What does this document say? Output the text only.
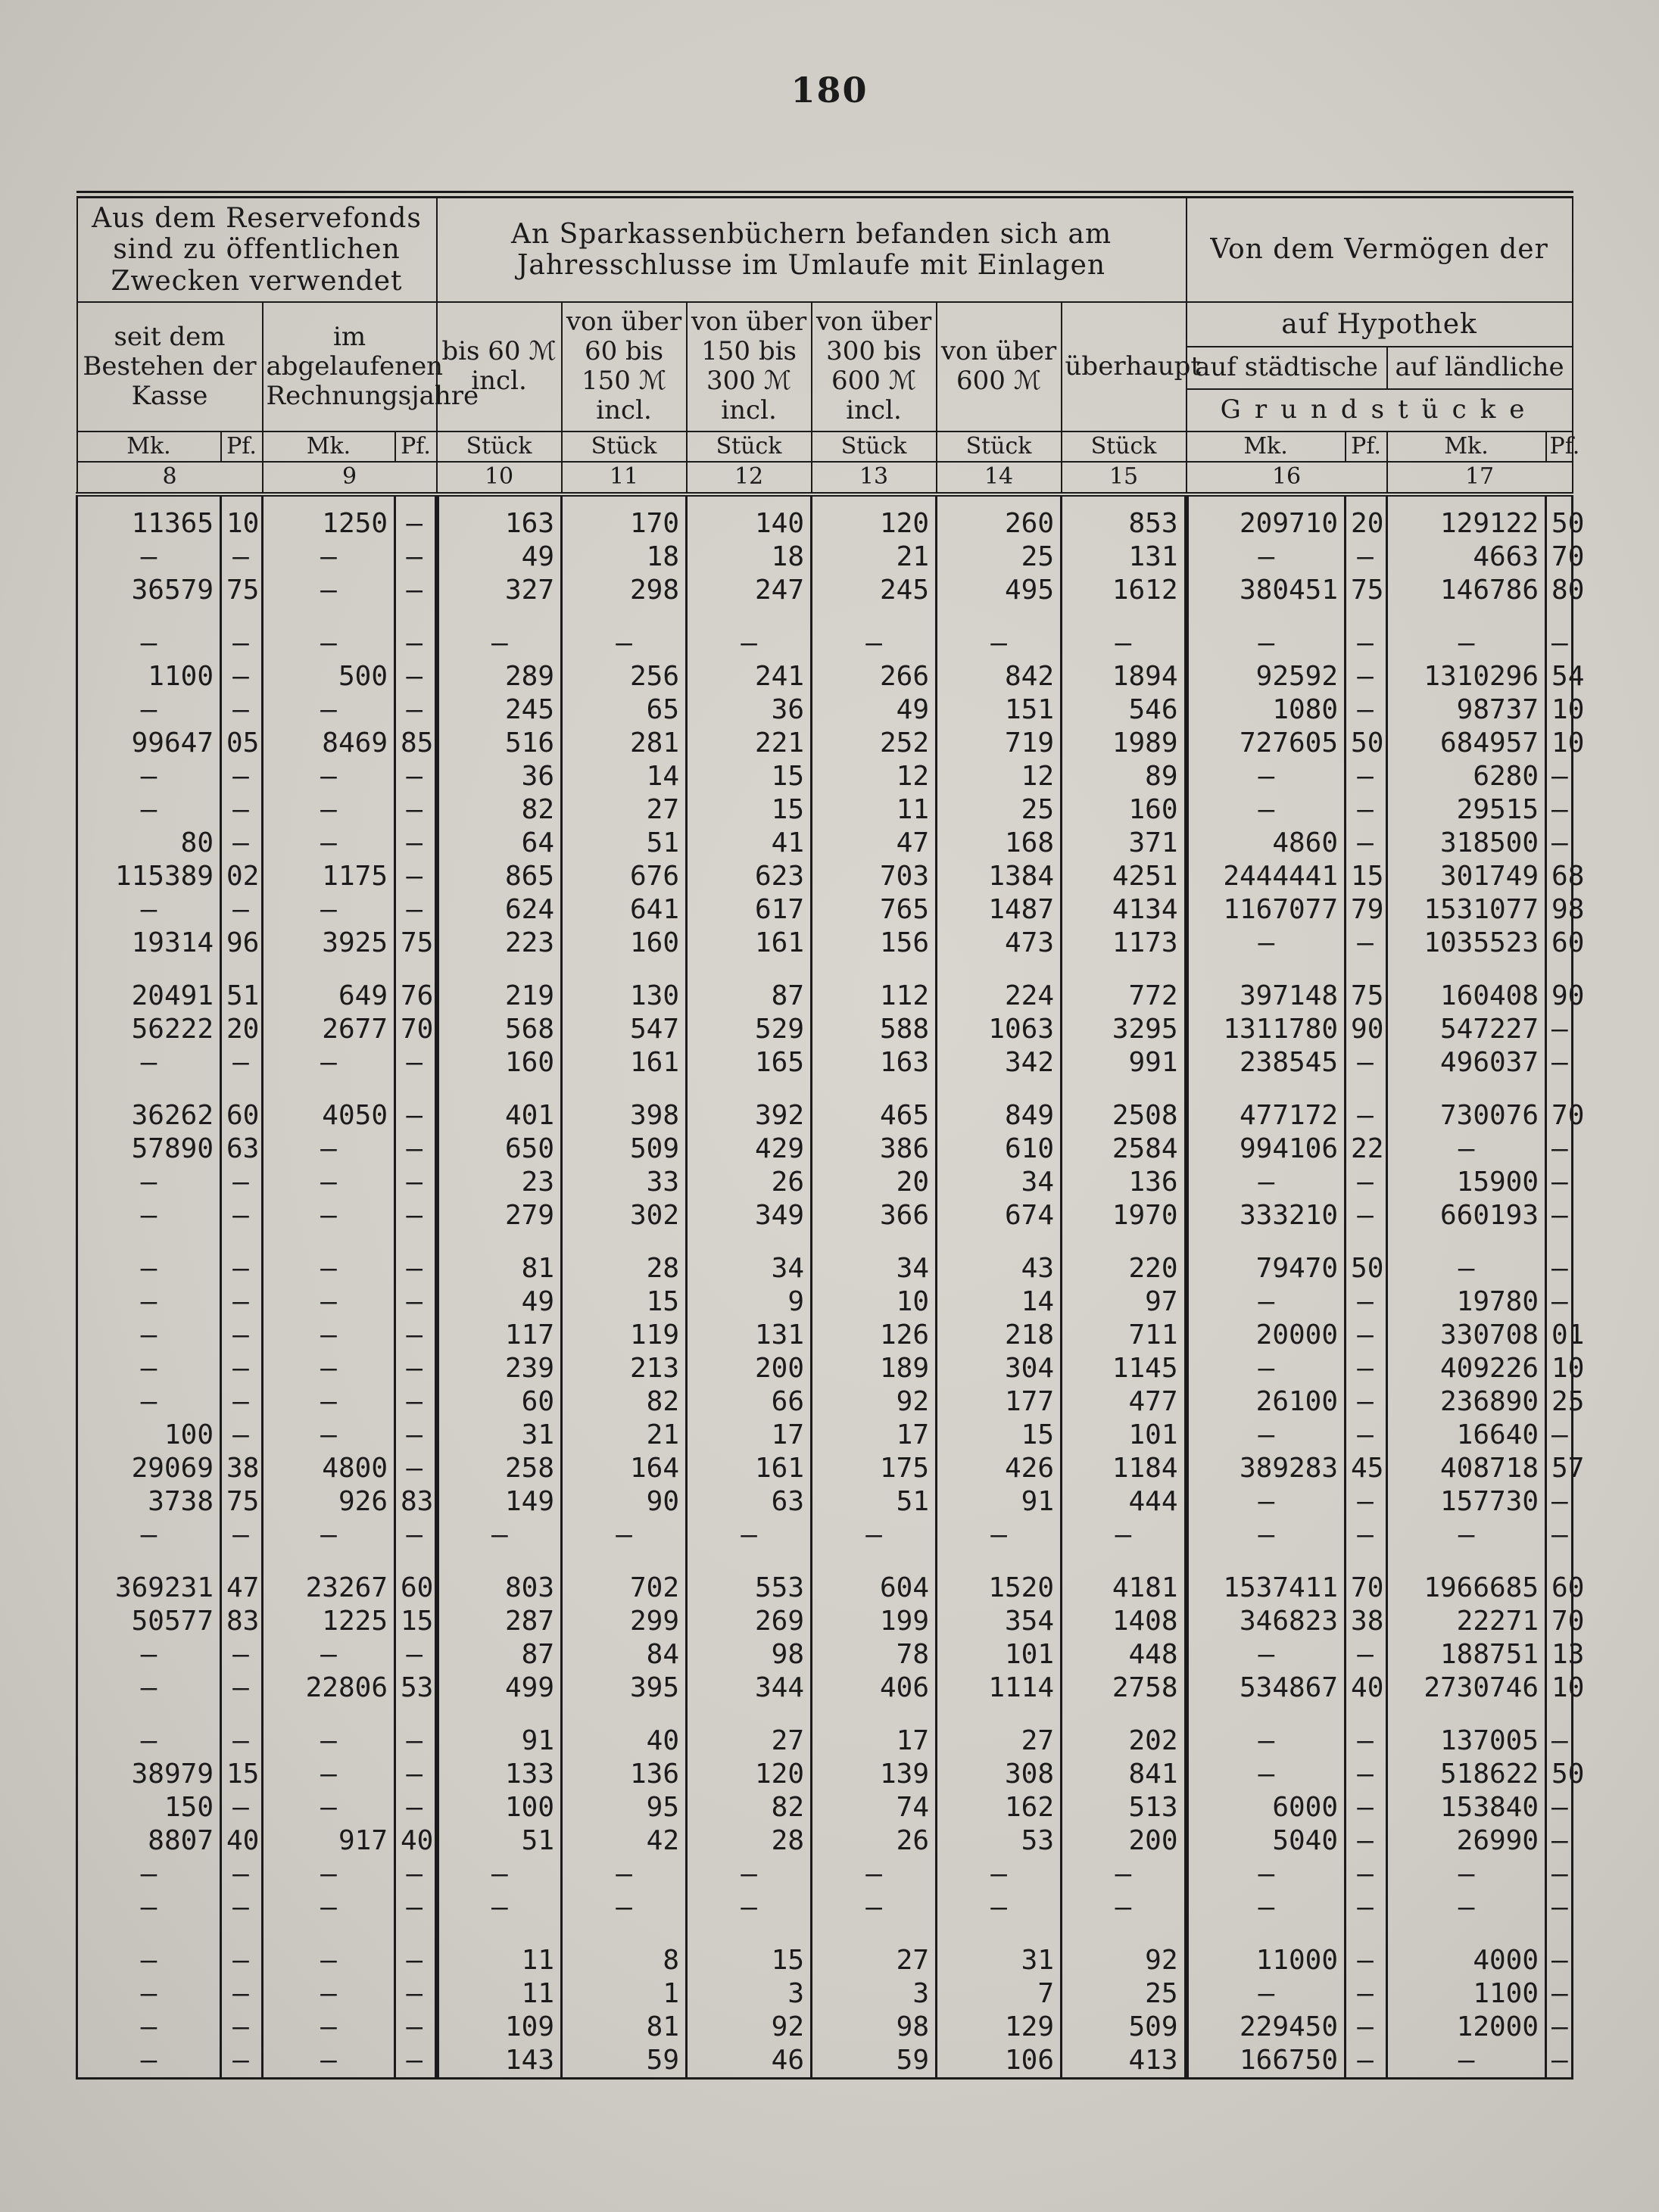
180
Aus dem Reservefonds sind zu öffentlichen Zwecken verwendet				An Sparkassenbüchern befanden sich am Jahresschlusse im Umlaufe mit Einlagen						Von dem Vermögen der			
seit dem Bestehen der Kasse		im abgelaufenen Rechnungsjahre		bis 60 ℳ incl.	von über 60 bis 150 ℳ incl.	von über 150 bis 300 ℳ incl.	von über 300 bis 600 ℳ incl.	von über 600 ℳ	überhaupt	auf Hypothek			
										auf städtische		auf ländliche	
										Grundstücke			
Mk.	Pf.	Mk.	Pf.	Stück	Stück	Stück	Stück	Stück	Stück	Mk.	Pf.	Mk.	Pf.
8		9		10	11	12	13	14	15	16		17	
11365	10	1250	—	163	170	140	120	260	853	209710	20	129122	50
—	—	—	—	49	18	18	21	25	131	—	—	4663	70
36579	75	—	—	327	298	247	245	495	1612	380451	75	146786	80

—	—	—	—	—	—	—	—	—	—	—	—	—	—
1100	—	500	—	289	256	241	266	842	1894	92592	—	1310296	54
—	—	—	—	245	65	36	49	151	546	1080	—	98737	10
99647	05	8469	85	516	281	221	252	719	1989	727605	50	684957	10
—	—	—	—	36	14	15	12	12	89	—	—	6280	—
—	—	—	—	82	27	15	11	25	160	—	—	29515	—
80	—	—	—	64	51	41	47	168	371	4860	—	318500	—
115389	02	1175	—	865	676	623	703	1384	4251	2444441	15	301749	68
—	—	—	—	624	641	617	765	1487	4134	1167077	79	1531077	98
19314	96	3925	75	223	160	161	156	473	1173	—	—	1035523	60

20491	51	649	76	219	130	87	112	224	772	397148	75	160408	90
56222	20	2677	70	568	547	529	588	1063	3295	1311780	90	547227	—
—	—	—	—	160	161	165	163	342	991	238545	—	496037	—

36262	60	4050	—	401	398	392	465	849	2508	477172	—	730076	70
57890	63	—	—	650	509	429	386	610	2584	994106	22	—	—
—	—	—	—	23	33	26	20	34	136	—	—	15900	—
—	—	—	—	279	302	349	366	674	1970	333210	—	660193	—

—	—	—	—	81	28	34	34	43	220	79470	50	—	—
—	—	—	—	49	15	9	10	14	97	—	—	19780	—
—	—	—	—	117	119	131	126	218	711	20000	—	330708	01
—	—	—	—	239	213	200	189	304	1145	—	—	409226	10
—	—	—	—	60	82	66	92	177	477	26100	—	236890	25
100	—	—	—	31	21	17	17	15	101	—	—	16640	—
29069	38	4800	—	258	164	161	175	426	1184	389283	45	408718	57
3738	75	926	83	149	90	63	51	91	444	—	—	157730	—
—	—	—	—	—	—	—	—	—	—	—	—	—	—

369231	47	23267	60	803	702	553	604	1520	4181	1537411	70	1966685	60
50577	83	1225	15	287	299	269	199	354	1408	346823	38	22271	70
—	—	—	—	87	84	98	78	101	448	—	—	188751	13
—	—	22806	53	499	395	344	406	1114	2758	534867	40	2730746	10

—	—	—	—	91	40	27	17	27	202	—	—	137005	—
38979	15	—	—	133	136	120	139	308	841	—	—	518622	50
150	—	—	—	100	95	82	74	162	513	6000	—	153840	—
8807	40	917	40	51	42	28	26	53	200	5040	—	26990	—
—	—	—	—	—	—	—	—	—	—	—	—	—	—
—	—	—	—	—	—	—	—	—	—	—	—	—	—

—	—	—	—	11	8	15	27	31	92	11000	—	4000	—
—	—	—	—	11	1	3	3	7	25	—	—	1100	—
—	—	—	—	109	81	92	98	129	509	229450	—	12000	—
—	—	—	—	143	59	46	59	106	413	166750	—	—	—
